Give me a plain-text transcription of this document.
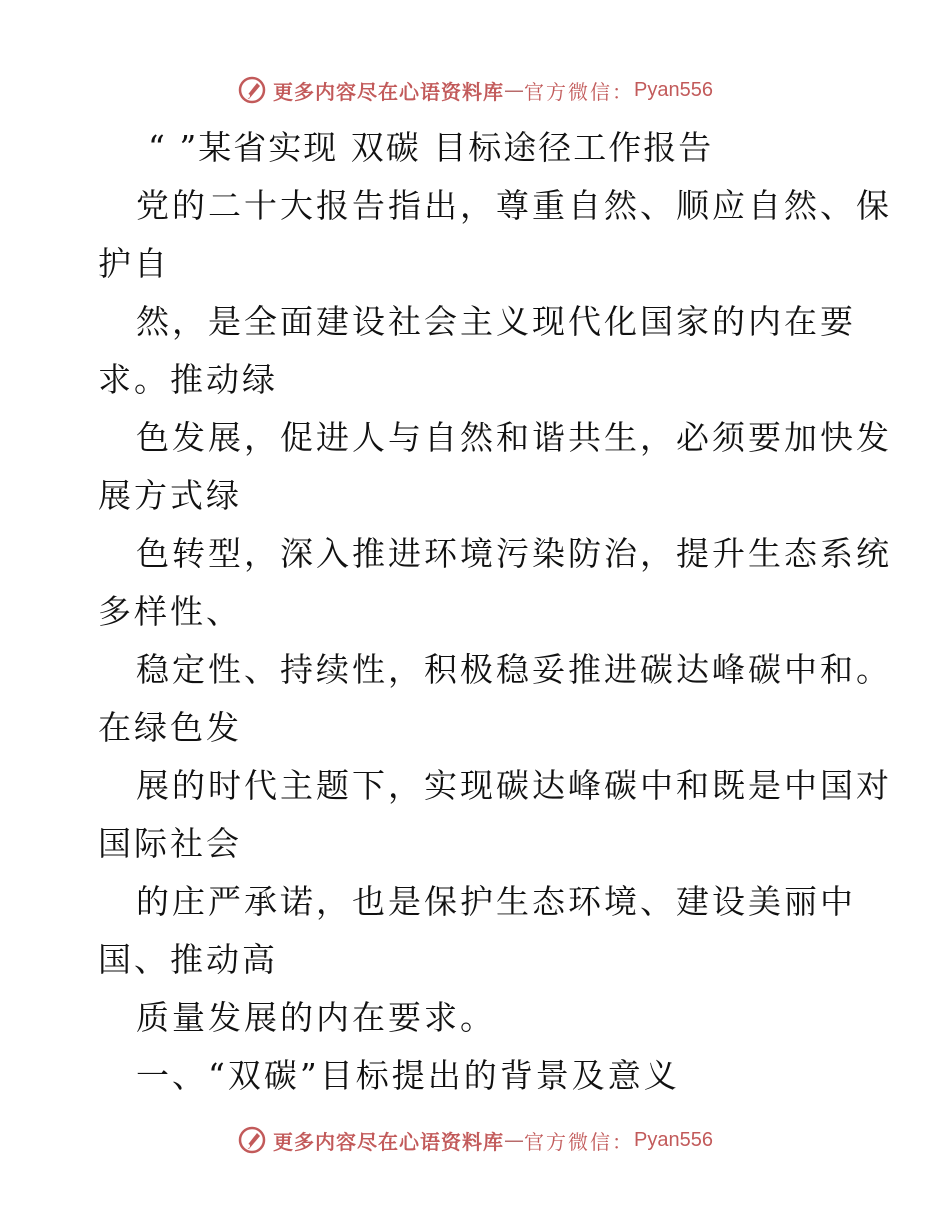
更多内容尽在心语资料库 — 官方微信： Pyan556
“ ”某省实现 双碳 目标途径工作报告
党的二十大报告指出，尊重自然、顺应自然、保
护自
然，是全面建设社会主义现代化国家的内在要
求。推动绿
色发展，促进人与自然和谐共生，必须要加快发
展方式绿
色转型，深入推进环境污染防治，提升生态系统
多样性、
稳定性、持续性，积极稳妥推进碳达峰碳中和。
在绿色发
展的时代主题下，实现碳达峰碳中和既是中国对
国际社会
的庄严承诺，也是保护生态环境、建设美丽中
国、推动高
质量发展的内在要求。
一、“双碳”目标提出的背景及意义
更多内容尽在心语资料库 — 官方微信： Pyan556
